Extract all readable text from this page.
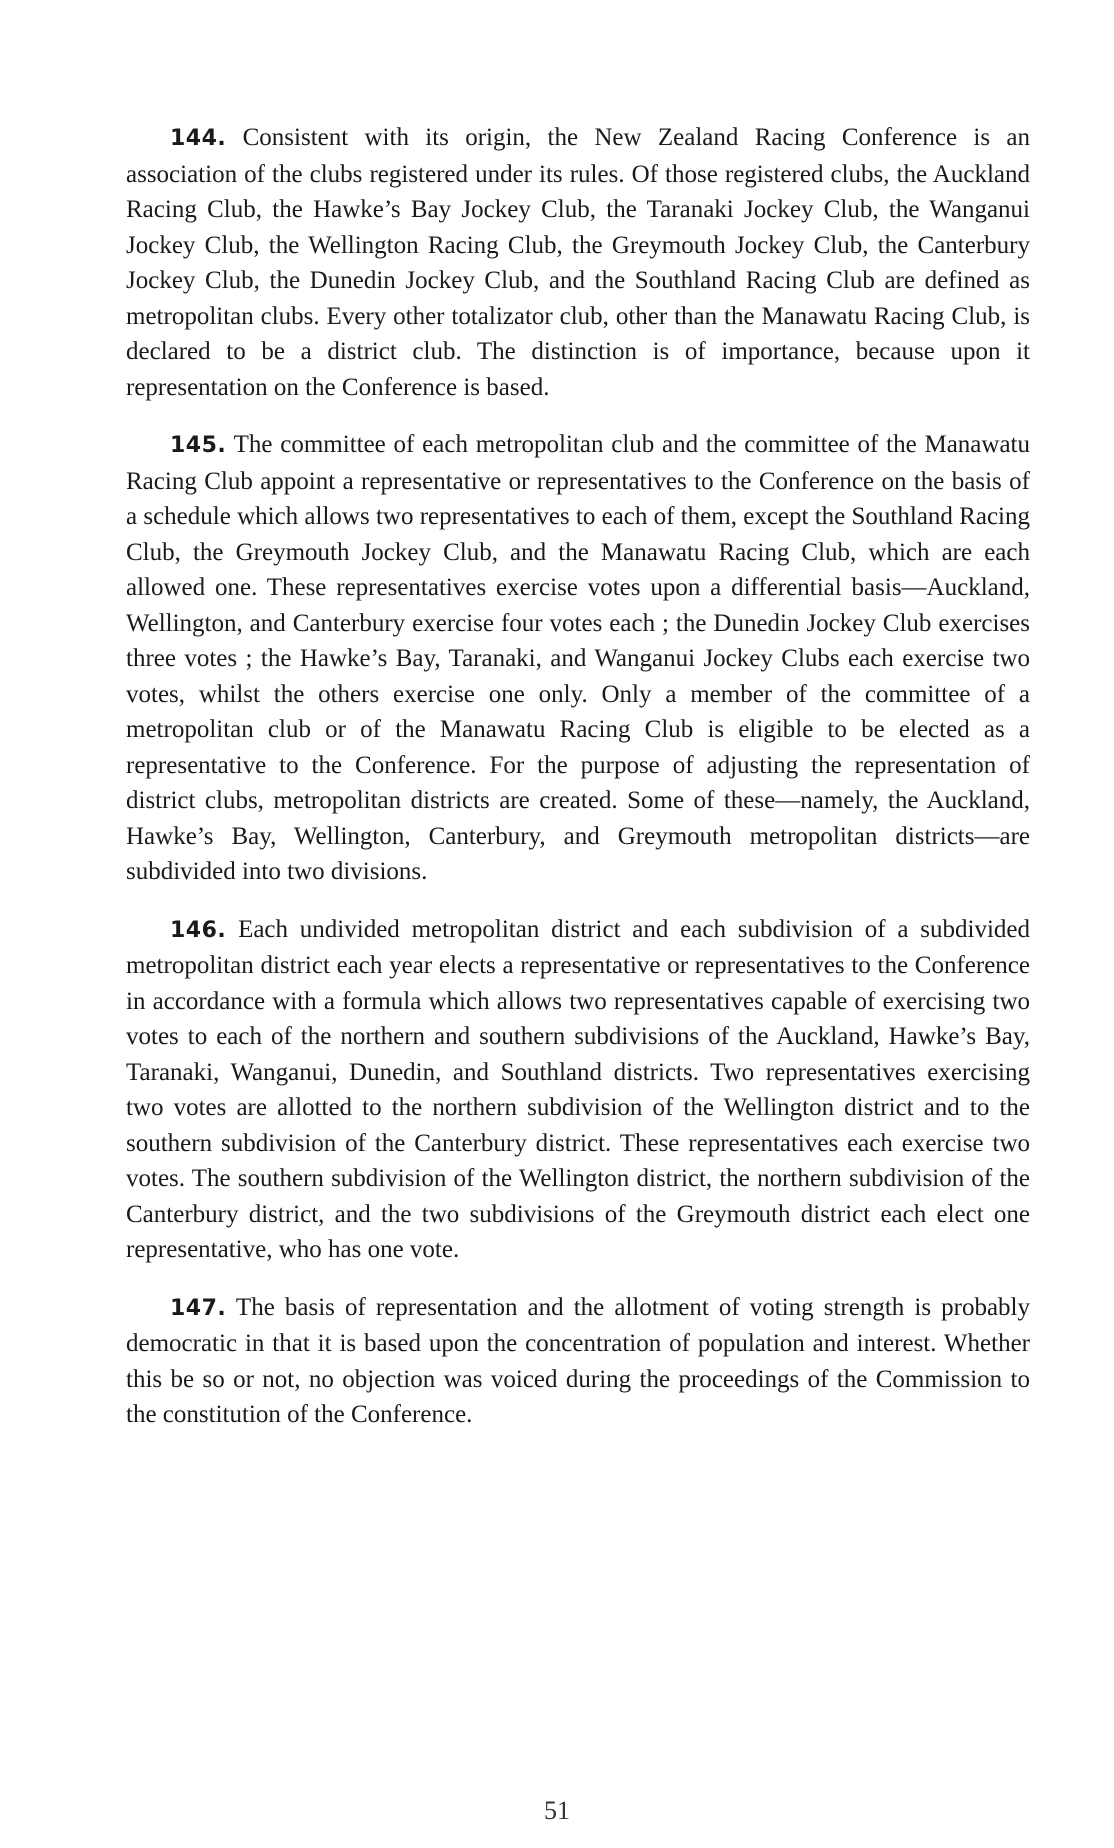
144. Consistent with its origin, the New Zealand Racing Conference is an association of the clubs registered under its rules. Of those registered clubs, the Auckland Racing Club, the Hawke’s Bay Jockey Club, the Taranaki Jockey Club, the Wanganui Jockey Club, the Wellington Racing Club, the Greymouth Jockey Club, the Canterbury Jockey Club, the Dunedin Jockey Club, and the Southland Racing Club are defined as metropolitan clubs. Every other totalizator club, other than the Manawatu Racing Club, is declared to be a district club. The distinction is of importance, because upon it representation on the Conference is based.

145. The committee of each metropolitan club and the committee of the Manawatu Racing Club appoint a representative or representatives to the Conference on the basis of a schedule which allows two representatives to each of them, except the Southland Racing Club, the Greymouth Jockey Club, and the Manawatu Racing Club, which are each allowed one. These representatives exercise votes upon a differential basis—Auckland, Wellington, and Canterbury exercise four votes each ; the Dunedin Jockey Club exercises three votes ; the Hawke’s Bay, Taranaki, and Wanganui Jockey Clubs each exercise two votes, whilst the others exercise one only. Only a member of the committee of a metropolitan club or of the Manawatu Racing Club is eligible to be elected as a representative to the Conference. For the purpose of adjusting the representation of district clubs, metropolitan districts are created. Some of these—namely, the Auckland, Hawke’s Bay, Wellington, Canterbury, and Greymouth metropolitan districts—are subdivided into two divisions.

146. Each undivided metropolitan district and each subdivision of a subdivided metropolitan district each year elects a representative or representatives to the Conference in accordance with a formula which allows two representatives capable of exercising two votes to each of the northern and southern subdivisions of the Auckland, Hawke’s Bay, Taranaki, Wanganui, Dunedin, and Southland districts. Two representatives exercising two votes are allotted to the northern subdivision of the Wellington district and to the southern subdivision of the Canterbury district. These representatives each exercise two votes. The southern subdivision of the Wellington district, the northern subdivision of the Canterbury district, and the two subdivisions of the Greymouth district each elect one representative, who has one vote.

147. The basis of representation and the allotment of voting strength is probably democratic in that it is based upon the concentration of population and interest. Whether this be so or not, no objection was voiced during the proceedings of the Commission to the constitution of the Conference.

51
